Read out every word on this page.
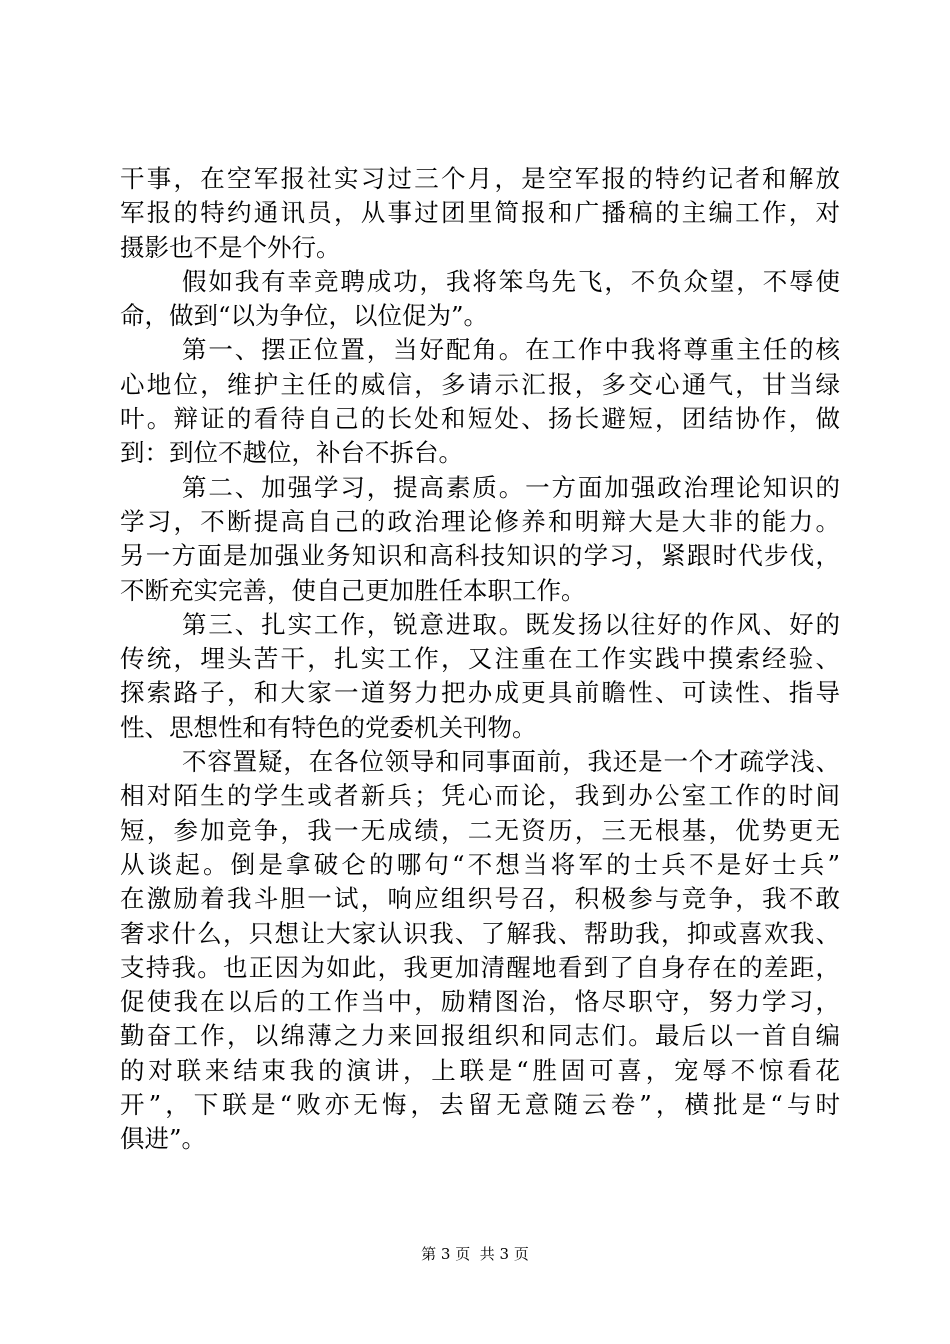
干事，在空军报社实习过三个月，是空军报的特约记者和解放
军报的特约通讯员，从事过团里简报和广播稿的主编工作，对
摄影也不是个外行。
假如我有幸竞聘成功，我将笨鸟先飞，不负众望，不辱使
命，做到“以为争位，以位促为”。
第一、摆正位置，当好配角。在工作中我将尊重主任的核
心地位，维护主任的威信，多请示汇报，多交心通气，甘当绿
叶。辩证的看待自己的长处和短处、扬长避短，团结协作，做
到：到位不越位，补台不拆台。
第二、加强学习，提高素质。一方面加强政治理论知识的
学习，不断提高自己的政治理论修养和明辩大是大非的能力。
另一方面是加强业务知识和高科技知识的学习，紧跟时代步伐，
不断充实完善，使自己更加胜任本职工作。
第三、扎实工作，锐意进取。既发扬以往好的作风、好的
传统，埋头苦干，扎实工作，又注重在工作实践中摸索经验、
探索路子，和大家一道努力把办成更具前瞻性、可读性、指导
性、思想性和有特色的党委机关刊物。
不容置疑，在各位领导和同事面前，我还是一个才疏学浅、
相对陌生的学生或者新兵；凭心而论，我到办公室工作的时间
短，参加竞争，我一无成绩，二无资历，三无根基，优势更无
从谈起。倒是拿破仑的哪句“不想当将军的士兵不是好士兵”
在激励着我斗胆一试，响应组织号召，积极参与竞争，我不敢
奢求什么，只想让大家认识我、了解我、帮助我，抑或喜欢我、
支持我。也正因为如此，我更加清醒地看到了自身存在的差距，
促使我在以后的工作当中，励精图治，恪尽职守，努力学习，
勤奋工作，以绵薄之力来回报组织和同志们。最后以一首自编
的对联来结束我的演讲，上联是“胜固可喜，宠辱不惊看花
开”，下联是“败亦无悔，去留无意随云卷”，横批是“与时
俱进”。
第 3 页  共 3 页
